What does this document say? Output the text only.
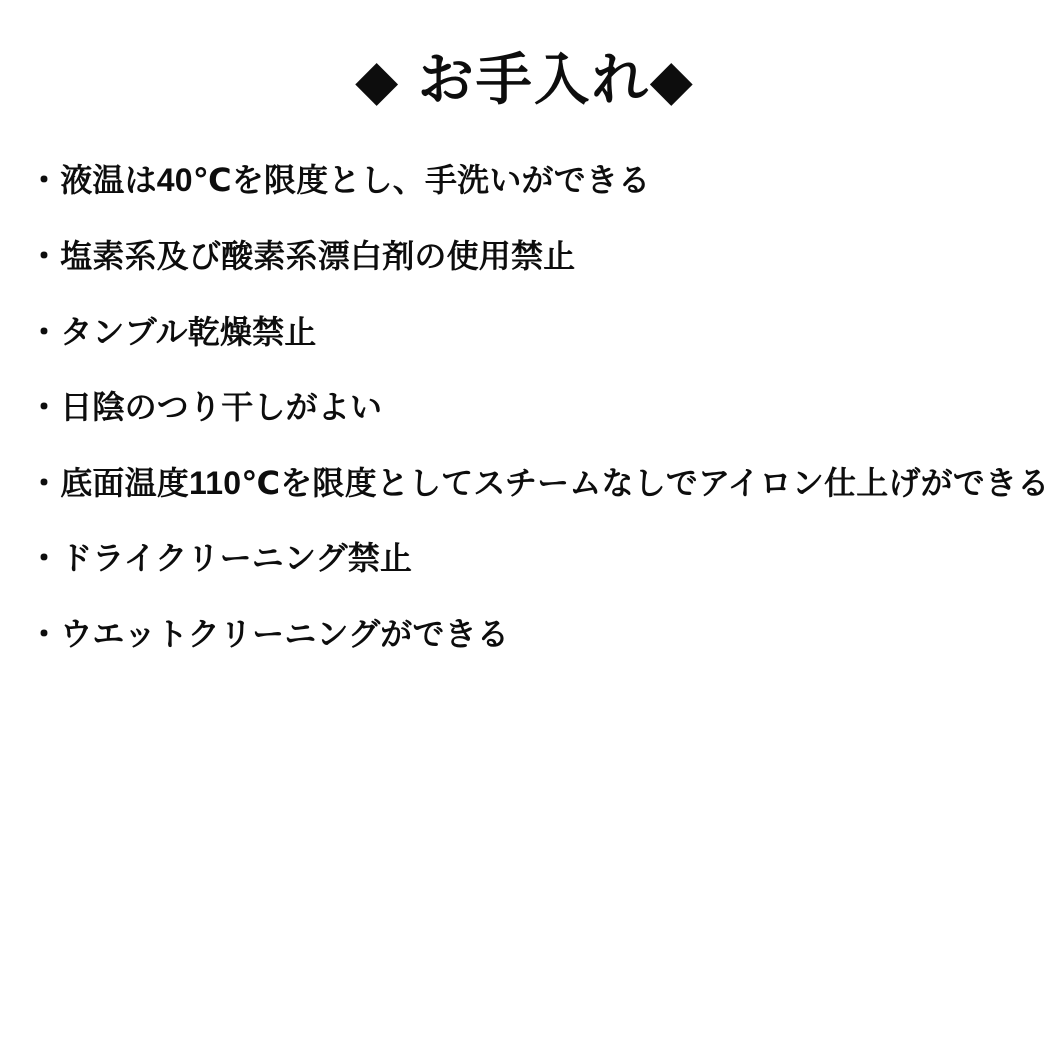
◆ お手入れ◆
・液温は40℃を限度とし、手洗いができる
・塩素系及び酸素系漂白剤の使用禁止
・タンブル乾燥禁止
・日陰のつり干しがよい
・底面温度110℃を限度としてスチームなしでアイロン仕上げができる
・ドライクリーニング禁止
・ウエットクリーニングができる
